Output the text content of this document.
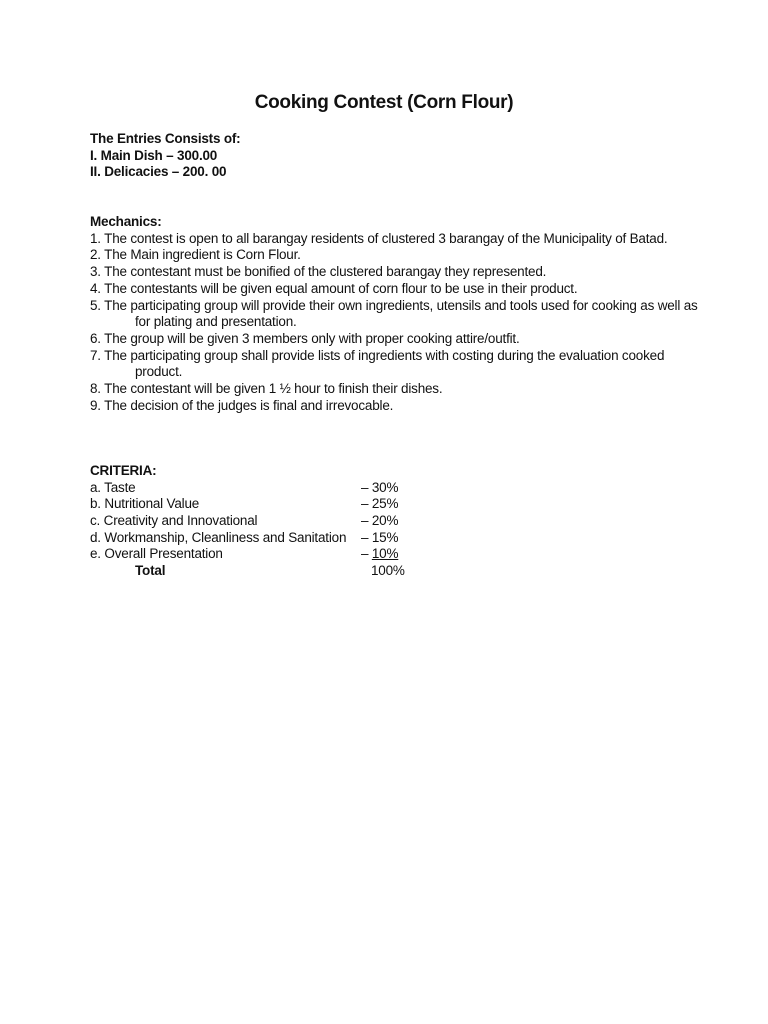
Cooking Contest (Corn Flour)
The Entries Consists of:
I. Main Dish – 300.00
II. Delicacies – 200. 00
Mechanics:
1. The contest is open to all barangay residents of clustered 3 barangay of the Municipality of Batad.
2. The Main ingredient is Corn Flour.
3. The contestant must be bonified of the clustered barangay they represented.
4. The contestants will be given equal amount of corn flour to be use in their product.
5. The participating group will provide their own ingredients, utensils and tools used for cooking as well as
for plating and presentation.
6. The group will be given 3 members only with proper cooking attire/outfit.
7. The participating group shall provide lists of ingredients with costing during the evaluation cooked
product.
8. The contestant will be given 1 ½ hour to finish their dishes.
9. The decision of the judges is final and irrevocable.
CRITERIA:
a. Taste	– 30%
b. Nutritional Value	– 25%
c. Creativity and Innovational	– 20%
d. Workmanship, Cleanliness and Sanitation – 15%
e. Overall Presentation	– 10%
Total	100%
